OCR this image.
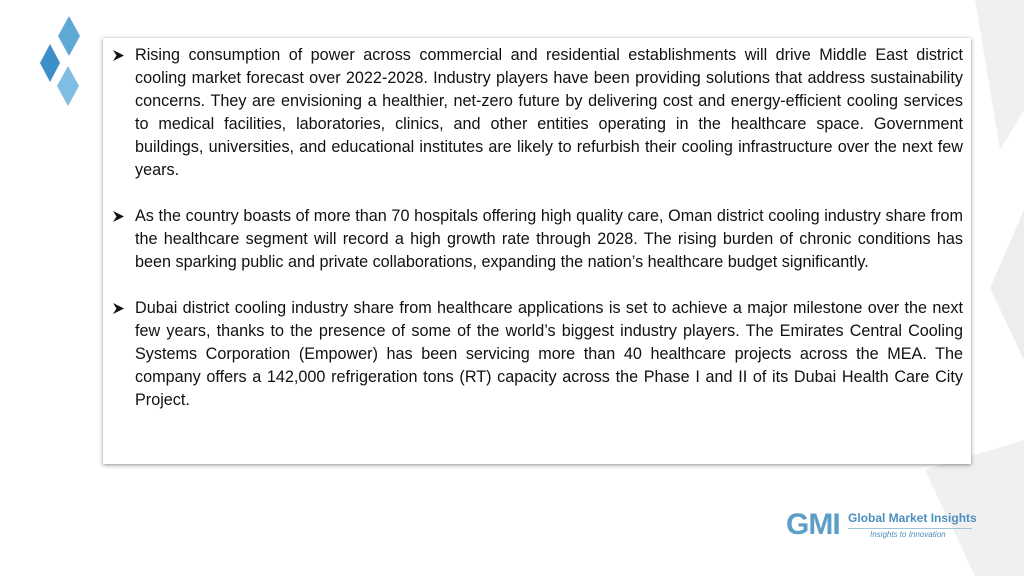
Rising consumption of power across commercial and residential establishments will drive Middle East district cooling market forecast over 2022-2028. Industry players have been providing solutions that address sustainability concerns. They are envisioning a healthier, net-zero future by delivering cost and energy-efficient cooling services to medical facilities, laboratories, clinics, and other entities operating in the healthcare space. Government buildings, universities, and educational institutes are likely to refurbish their cooling infrastructure over the next few years.
As the country boasts of more than 70 hospitals offering high quality care, Oman district cooling industry share from the healthcare segment will record a high growth rate through 2028. The rising burden of chronic conditions has been sparking public and private collaborations, expanding the nation’s healthcare budget significantly.
Dubai district cooling industry share from healthcare applications is set to achieve a major milestone over the next few years, thanks to the presence of some of the world’s biggest industry players. The Emirates Central Cooling Systems Corporation (Empower) has been servicing more than 40 healthcare projects across the MEA. The company offers a 142,000 refrigeration tons (RT) capacity across the Phase I and II of its Dubai Health Care City Project.
GMI Global Market Insights
Insights to Innovation
